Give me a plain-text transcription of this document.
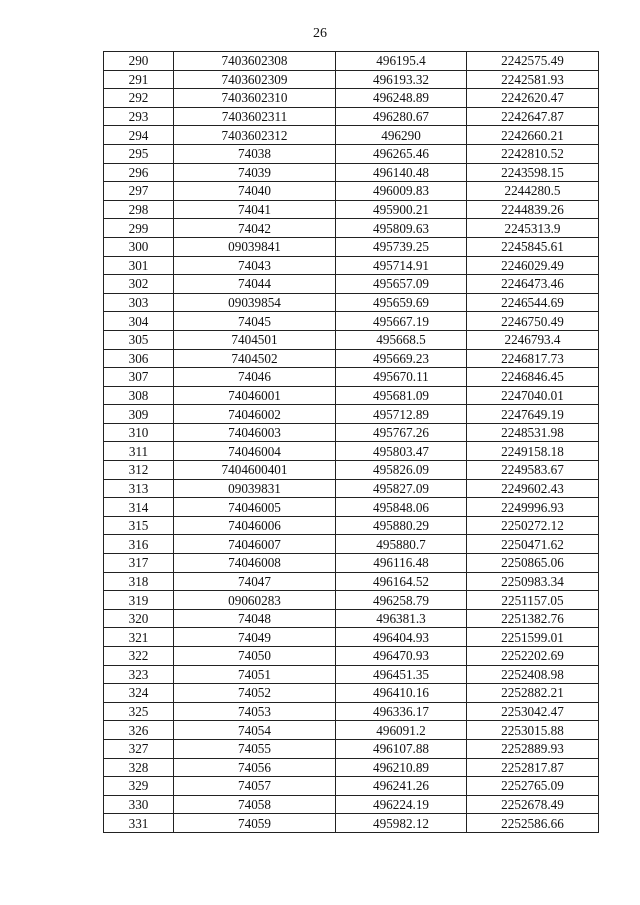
26
290	7403602308	496195.4	2242575.49
291	7403602309	496193.32	2242581.93
292	7403602310	496248.89	2242620.47
293	7403602311	496280.67	2242647.87
294	7403602312	496290	2242660.21
295	74038	496265.46	2242810.52
296	74039	496140.48	2243598.15
297	74040	496009.83	2244280.5
298	74041	495900.21	2244839.26
299	74042	495809.63	2245313.9
300	09039841	495739.25	2245845.61
301	74043	495714.91	2246029.49
302	74044	495657.09	2246473.46
303	09039854	495659.69	2246544.69
304	74045	495667.19	2246750.49
305	7404501	495668.5	2246793.4
306	7404502	495669.23	2246817.73
307	74046	495670.11	2246846.45
308	74046001	495681.09	2247040.01
309	74046002	495712.89	2247649.19
310	74046003	495767.26	2248531.98
311	74046004	495803.47	2249158.18
312	7404600401	495826.09	2249583.67
313	09039831	495827.09	2249602.43
314	74046005	495848.06	2249996.93
315	74046006	495880.29	2250272.12
316	74046007	495880.7	2250471.62
317	74046008	496116.48	2250865.06
318	74047	496164.52	2250983.34
319	09060283	496258.79	2251157.05
320	74048	496381.3	2251382.76
321	74049	496404.93	2251599.01
322	74050	496470.93	2252202.69
323	74051	496451.35	2252408.98
324	74052	496410.16	2252882.21
325	74053	496336.17	2253042.47
326	74054	496091.2	2253015.88
327	74055	496107.88	2252889.93
328	74056	496210.89	2252817.87
329	74057	496241.26	2252765.09
330	74058	496224.19	2252678.49
331	74059	495982.12	2252586.66
